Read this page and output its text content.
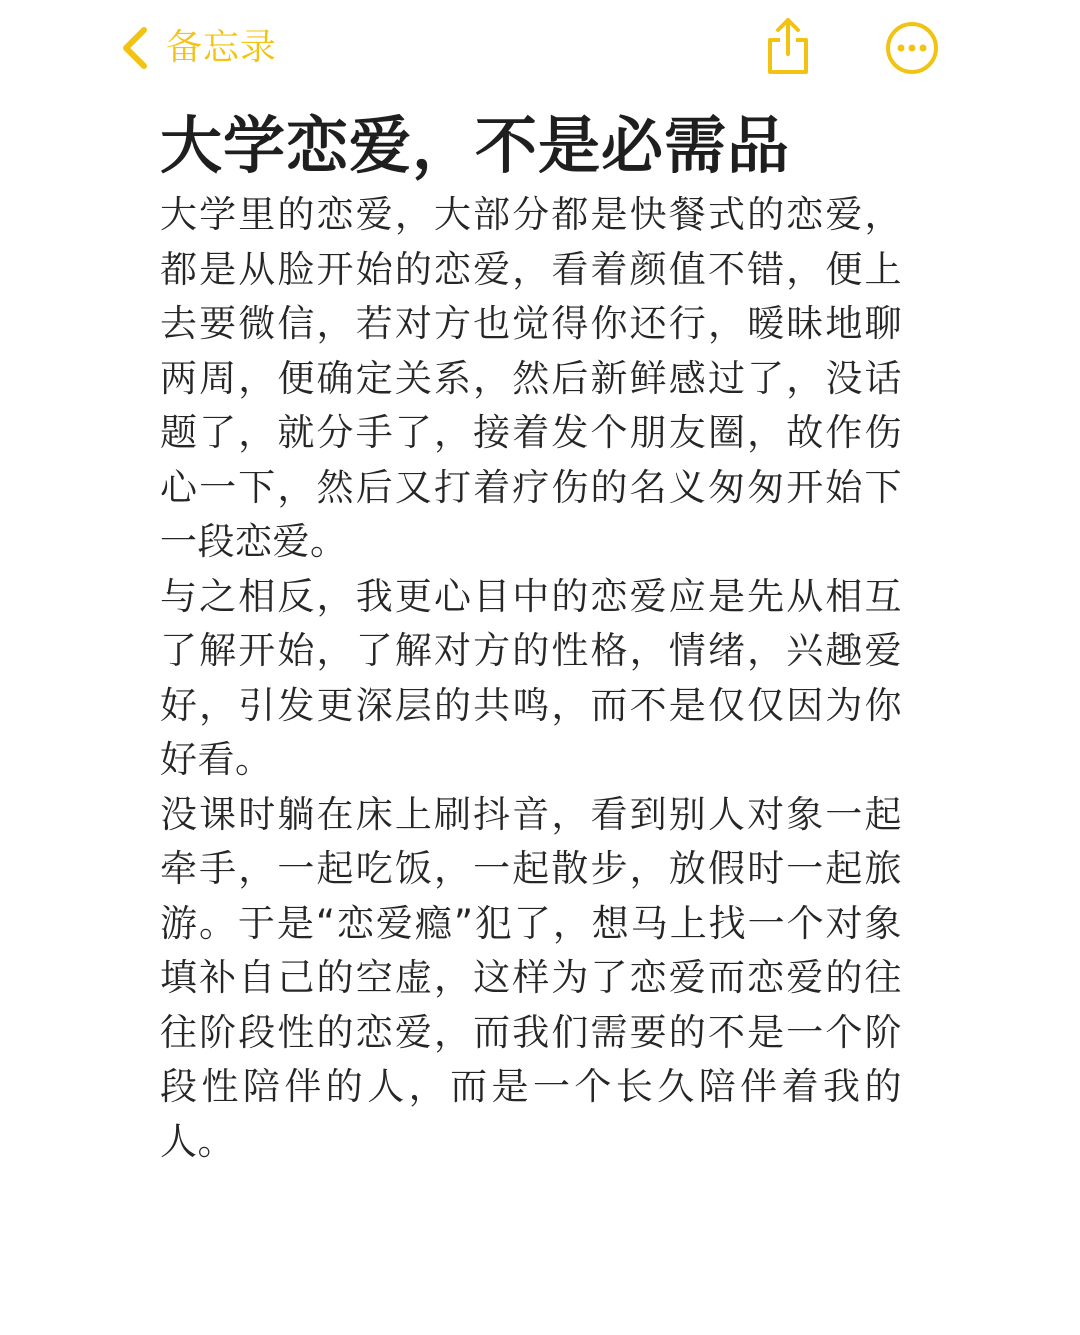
备忘录
大学恋爱，不是必需品

大学里的恋爱，大部分都是快餐式的恋爱，都是从脸开始的恋爱，看着颜值不错，便上去要微信，若对方也觉得你还行，暧昧地聊两周，便确定关系，然后新鲜感过了，没话题了，就分手了，接着发个朋友圈，故作伤心一下，然后又打着疗伤的名义匆匆开始下一段恋爱。

与之相反，我更心目中的恋爱应是先从相互了解开始，了解对方的性格，情绪，兴趣爱好，引发更深层的共鸣，而不是仅仅因为你好看。

没课时躺在床上刷抖音，看到别人对象一起牵手，一起吃饭，一起散步，放假时一起旅游。于是“恋爱瘾”犯了，想马上找一个对象填补自己的空虚，这样为了恋爱而恋爱的往往阶段性的恋爱，而我们需要的不是一个阶段性陪伴的人，而是一个长久陪伴着我的人。
